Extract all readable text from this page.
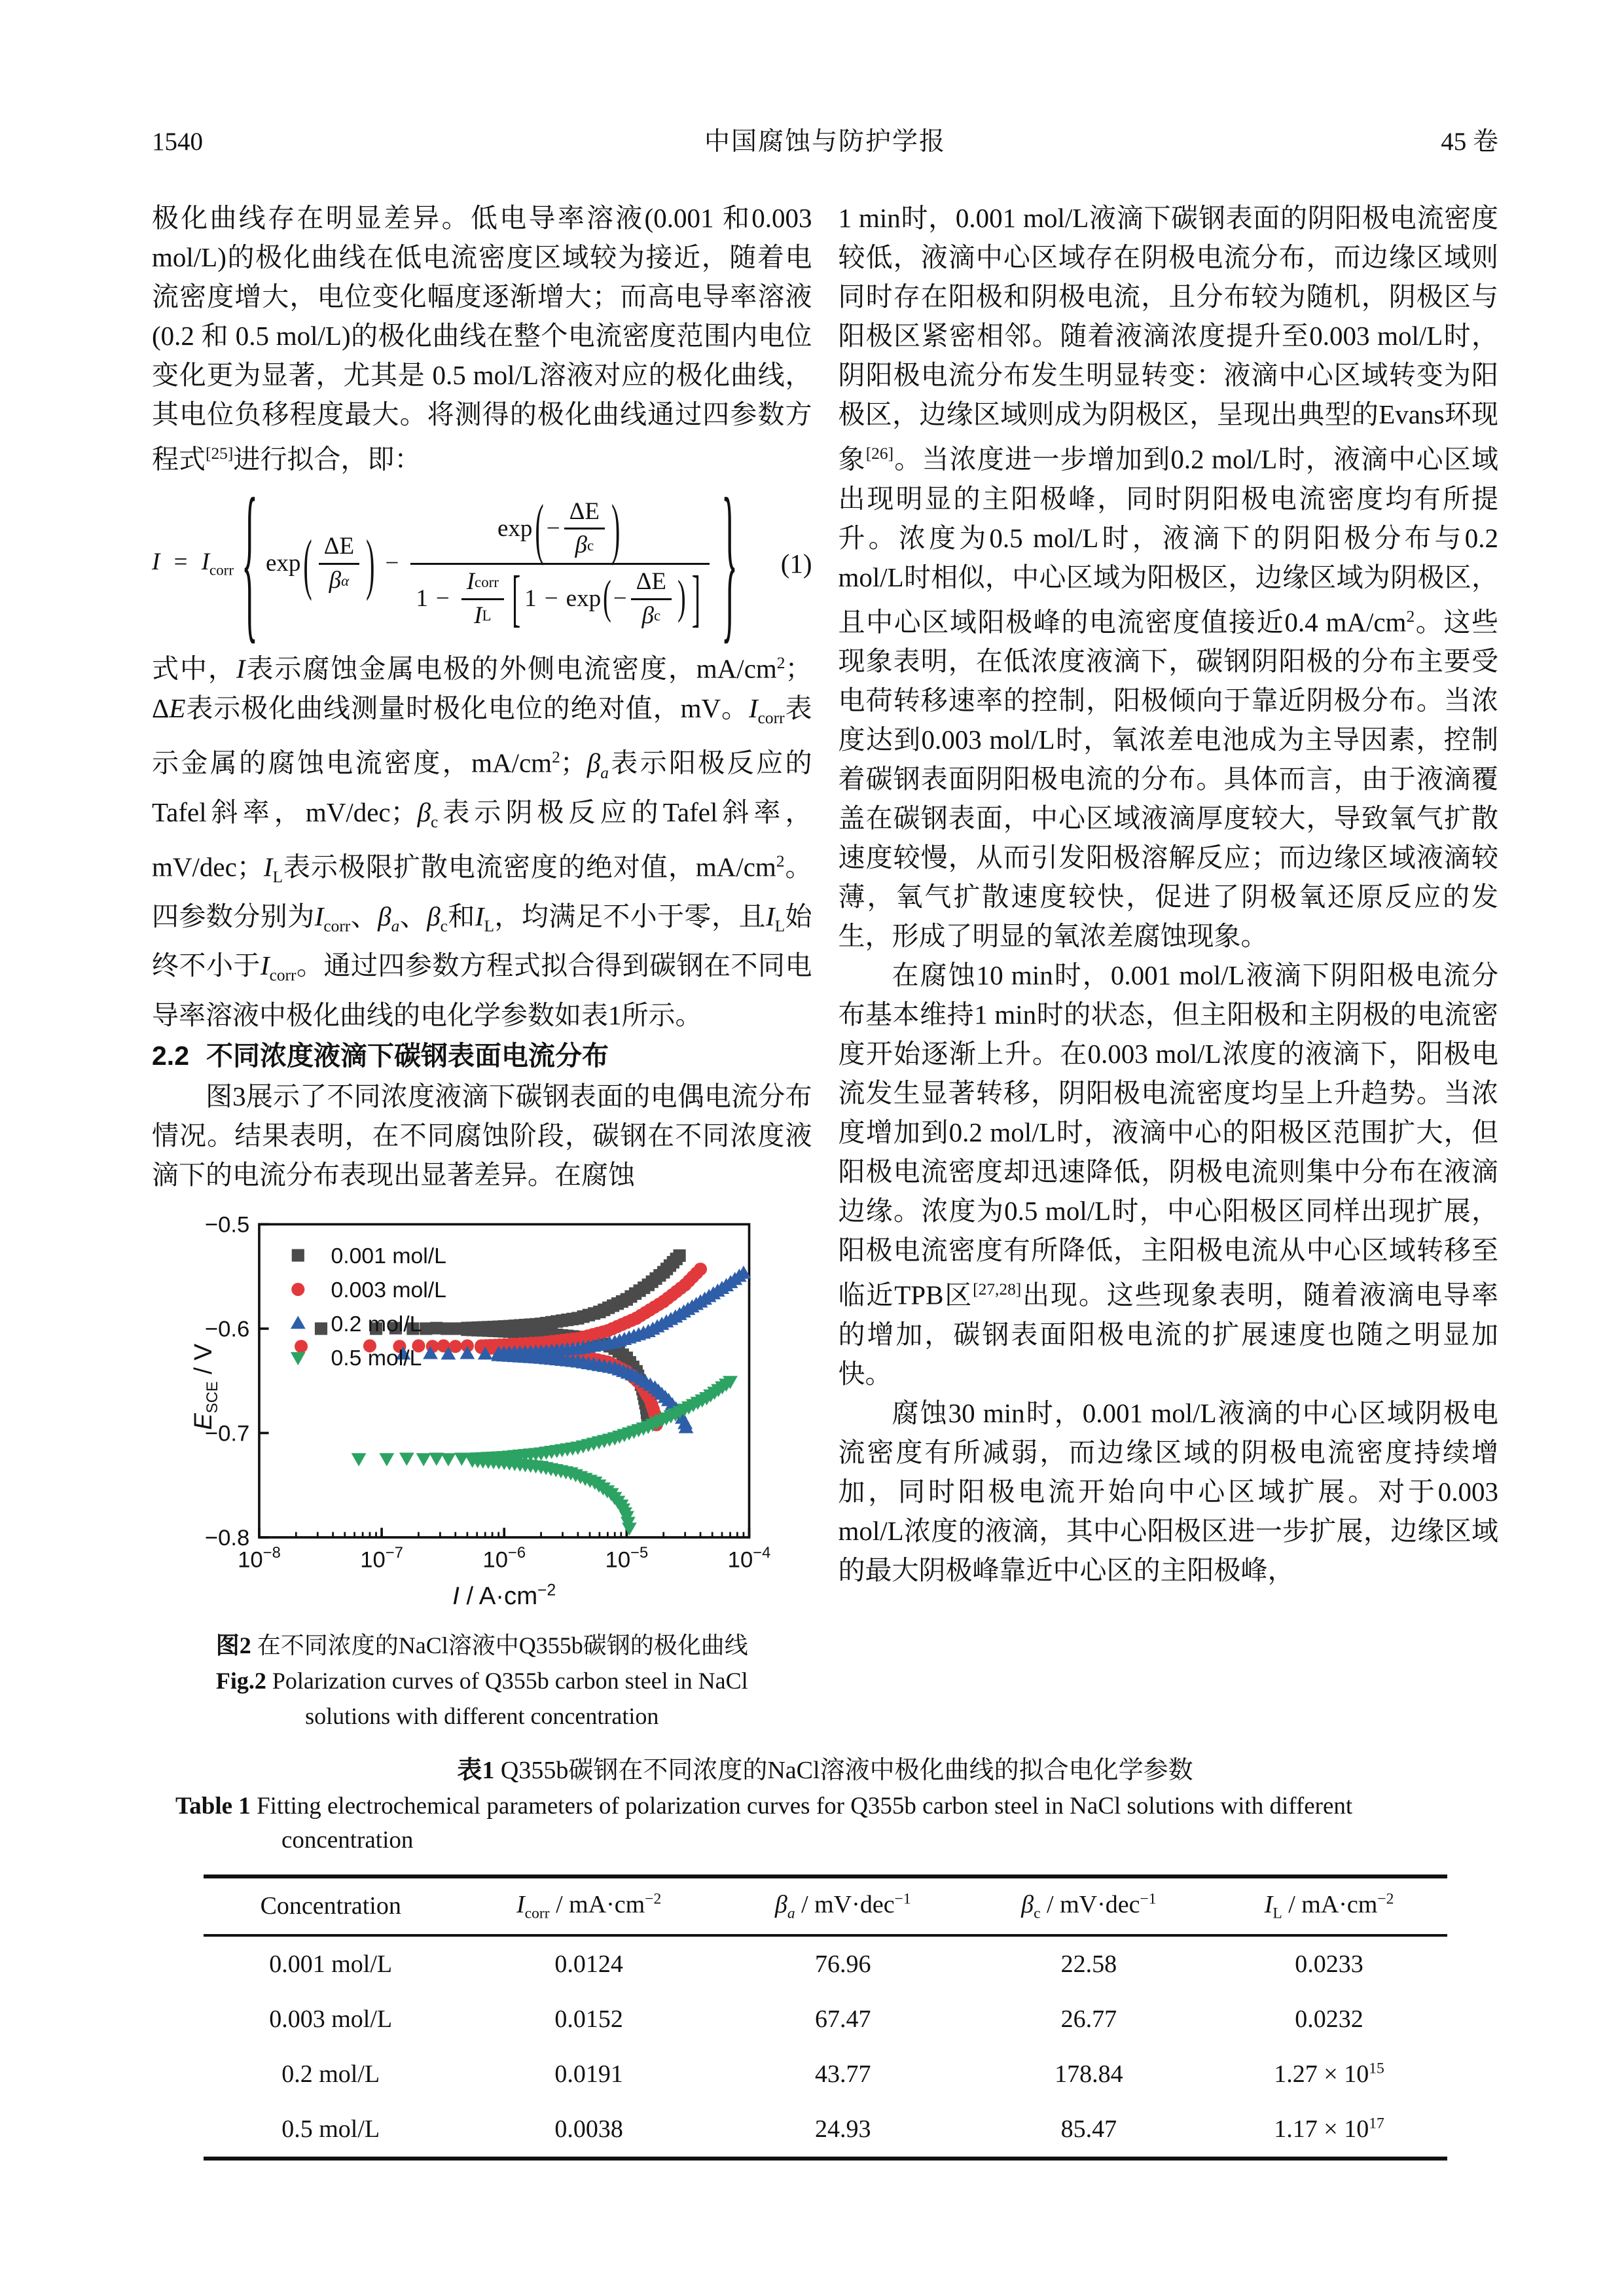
1540	中国腐蚀与防护学报	45 卷

极化曲线存在明显差异。低电导率溶液(0.001 和0.003 mol/L)的极化曲线在低电流密度区域较为接近，随着电流密度增大，电位变化幅度逐渐增大；而高电导率溶液(0.2 和 0.5 mol/L)的极化曲线在整个电流密度范围内电位变化更为显著，尤其是 0.5 mol/L溶液对应的极化曲线，其电位负移程度最大。将测得的极化曲线通过四参数方程式[25]进行拟合，即：

$I = I_{corr}$ { exp ( $\frac{\Delta E}{\text{β α}}$ ) −
exp ( − $\frac{\Delta E}{\text{β c}}$ )
$1 - \frac{\text{I corr}}{\text{I L}}$ [ 1 − exp ( − $\frac{\Delta E}{\text{β c}}$ ) ] } (1)

式中，I表示腐蚀金属电极的外侧电流密度，$mA/cm^2$；ΔE表示极化曲线测量时极化电位的绝对值，mV。$I_{corr}$表示金属的腐蚀电流密度，$mA/cm^2$；$\beta_a$表示阳极反应的Tafel斜率，mV/dec；$\beta_c$表示阴极反应的Tafel斜率，mV/dec；$I_L$表示极限扩散电流密度的绝对值，$mA/cm^2$。四参数分别为$I_{corr}$、$\beta_a$、$\beta_c$和$I_L$，均满足不小于零，且$I_L$始终不小于$I_{corr}$。通过四参数方程式拟合得到碳钢在不同电导率溶液中极化曲线的电化学参数如表1所示。

2.2 不同浓度液滴下碳钢表面电流分布

图3展示了不同浓度液滴下碳钢表面的电偶电流分布情况。结果表明，在不同腐蚀阶段，碳钢在不同浓度液滴下的电流分布表现出显著差异。在腐蚀

−0.5
−0.6
−0.7
−0.8
$10^{-8}$	$10^{-7}$	$10^{-6}$	$10^{-5}$	$10^{-4}$
$E_{SCE}$ / V
$I / A\cdot cm^{-2}$
0.001 mol/L
0.003 mol/L
0.2 mol/L
0.5 mol/L
图2 在不同浓度的NaCl溶液中Q355b碳钢的极化曲线
Fig.2 Polarization curves of Q355b carbon steel in NaCl
solutions with different concentration

1 min时，0.001 mol/L液滴下碳钢表面的阴阳极电流密度较低，液滴中心区域存在阴极电流分布，而边缘区域则同时存在阳极和阴极电流，且分布较为随机，阴极区与阳极区紧密相邻。随着液滴浓度提升至0.003 mol/L时，阴阳极电流分布发生明显转变：液滴中心区域转变为阳极区，边缘区域则成为阴极区，呈现出典型的Evans环现象[26]。当浓度进一步增加到0.2 mol/L时，液滴中心区域出现明显的主阳极峰，同时阴阳极电流密度均有所提升。浓度为0.5 mol/L时，液滴下的阴阳极分布与0.2 mol/L时相似，中心区域为阳极区，边缘区域为阴极区，且中心区域阳极峰的电流密度值接近0.4 $mA/cm^2$。这些现象表明，在低浓度液滴下，碳钢阴阳极的分布主要受电荷转移速率的控制，阳极倾向于靠近阴极分布。当浓度达到0.003 mol/L时，氧浓差电池成为主导因素，控制着碳钢表面阴阳极电流的分布。具体而言，由于液滴覆盖在碳钢表面，中心区域液滴厚度较大，导致氧气扩散速度较慢，从而引发阳极溶解反应；而边缘区域液滴较薄，氧气扩散速度较快，促进了阴极氧还原反应的发生，形成了明显的氧浓差腐蚀现象。

在腐蚀10 min时，0.001 mol/L液滴下阴阳极电流分布基本维持1 min时的状态，但主阳极和主阴极的电流密度开始逐渐上升。在0.003 mol/L浓度的液滴下，阳极电流发生显著转移，阴阳极电流密度均呈上升趋势。当浓度增加到0.2 mol/L时，液滴中心的阳极区范围扩大，但阳极电流密度却迅速降低，阴极电流则集中分布在液滴边缘。浓度为0.5 mol/L时，中心阳极区同样出现扩展，阳极电流密度有所降低，主阳极电流从中心区域转移至临近TPB区[27,28]出现。这些现象表明，随着液滴电导率的增加，碳钢表面阳极电流的扩展速度也随之明显加快。

腐蚀30 min时，0.001 mol/L液滴的中心区域阴极电流密度有所减弱，而边缘区域的阴极电流密度持续增加，同时阳极电流开始向中心区域扩展。对于0.003 mol/L浓度的液滴，其中心阳极区进一步扩展，边缘区域的最大阴极峰靠近中心区的主阳极峰，

表1 Q355b碳钢在不同浓度的NaCl溶液中极化曲线的拟合电化学参数
Table 1 Fitting electrochemical parameters of polarization curves for Q355b carbon steel in NaCl solutions with different
concentration
Concentration	$I_{corr} / mA\cdot cm^{-2}$	$\beta_a / mV\cdot dec^{-1}$	$\beta_c / mV\cdot dec^{-1}$	$I_L / mA\cdot cm^{-2}$
0.001 mol/L	0.0124	76.96	22.58	0.0233
0.003 mol/L	0.0152	67.47	26.77	0.0232
0.2 mol/L	0.0191	43.77	178.84	$1.27 \times 10^{15}$
0.5 mol/L	0.0038	24.93	85.47	$1.17 \times 10^{17}$
